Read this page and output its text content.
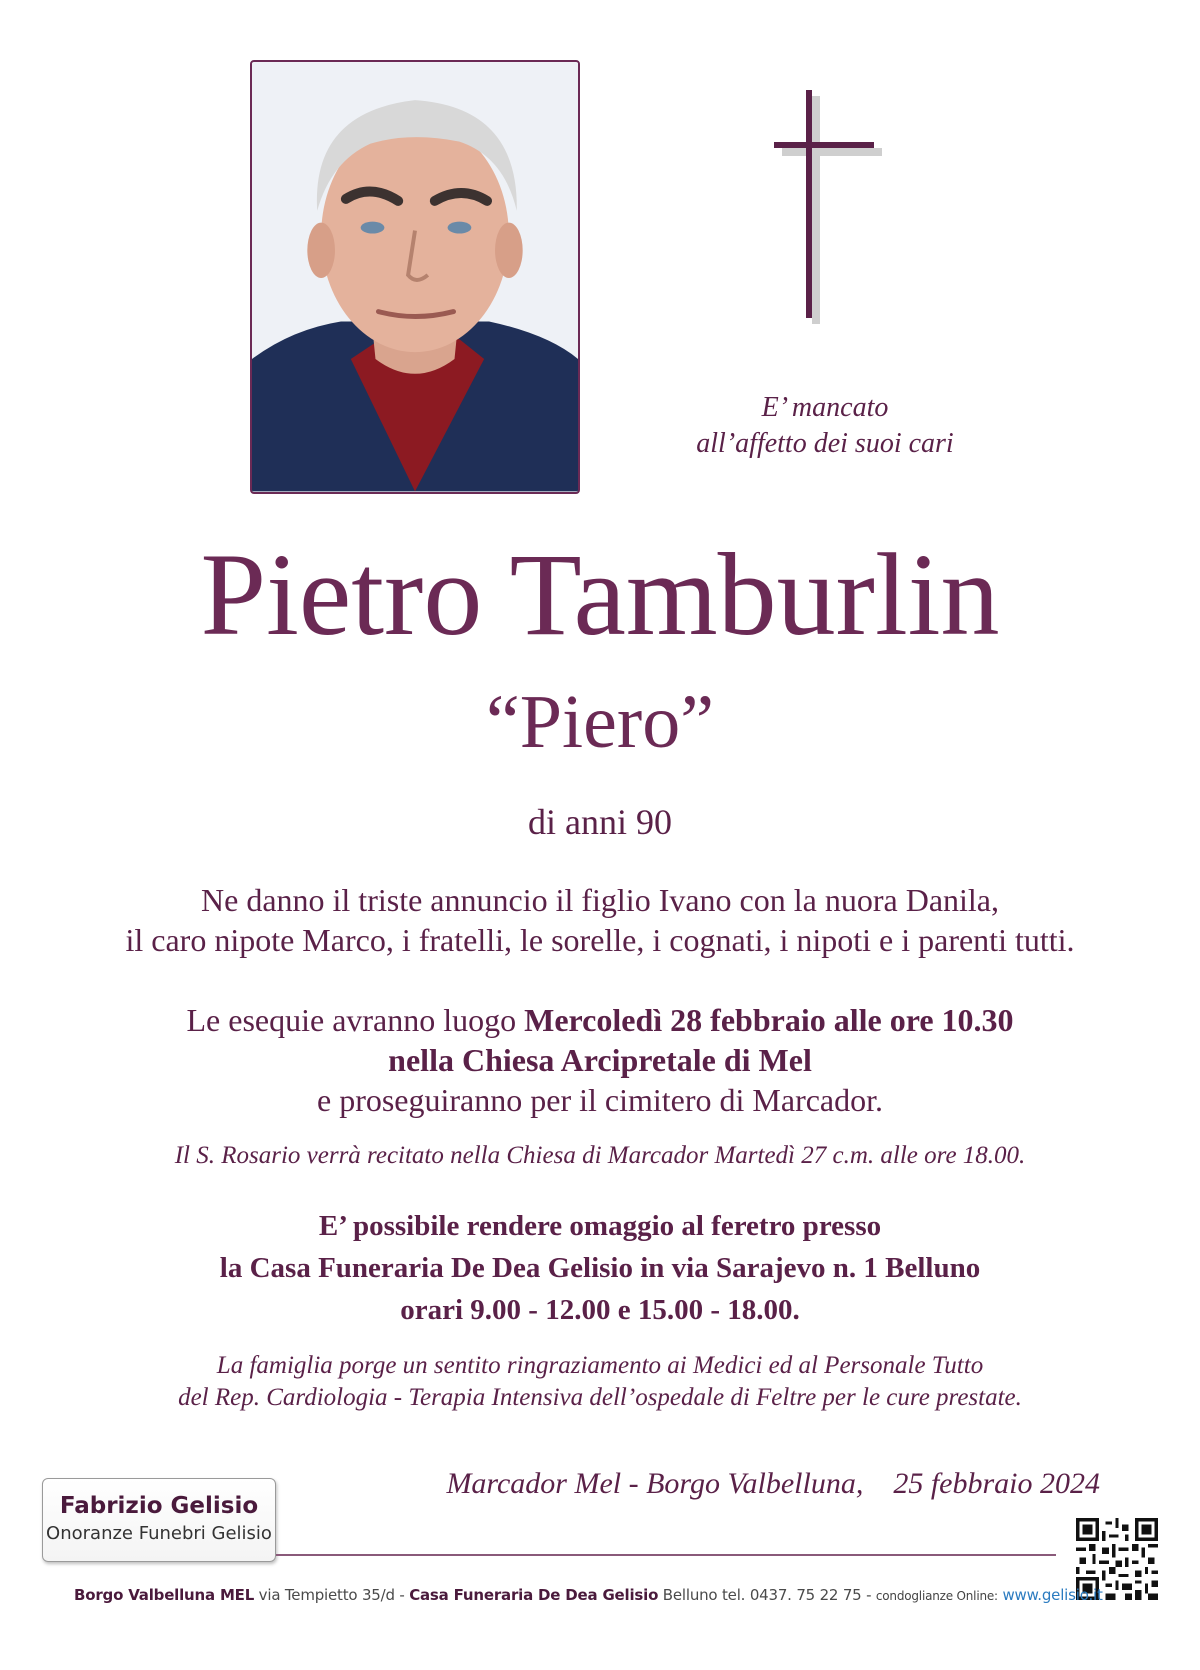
E’ mancato
all’affetto dei suoi cari
Pietro Tamburlin
“Piero”
di anni 90
Ne danno il triste annuncio il figlio Ivano con la nuora Danila,
il caro nipote Marco, i fratelli, le sorelle, i cognati, i nipoti e i parenti tutti.
Le esequie avranno luogo Mercoledì 28 febbraio alle ore 10.30
nella Chiesa Arcipretale di Mel
e proseguiranno per il cimitero di Marcador.
Il S. Rosario verrà recitato nella Chiesa di Marcador Martedì 27 c.m. alle ore 18.00.
E’ possibile rendere omaggio al feretro presso
la Casa Funeraria De Dea Gelisio in via Sarajevo n. 1 Belluno
orari 9.00 - 12.00 e 15.00 - 18.00.
La famiglia porge un sentito ringraziamento ai Medici ed al Personale Tutto
del Rep. Cardiologia - Terapia Intensiva dell’ospedale di Feltre per le cure prestate.
Marcador Mel - Borgo Valbelluna, 25 febbraio 2024
Fabrizio Gelisio
Onoranze Funebri Gelisio
Borgo Valbelluna MEL via Tempietto 35/d - Casa Funeraria De Dea Gelisio Belluno tel. 0437. 75 22 75 - condoglianze Online: www.gelisio.it
